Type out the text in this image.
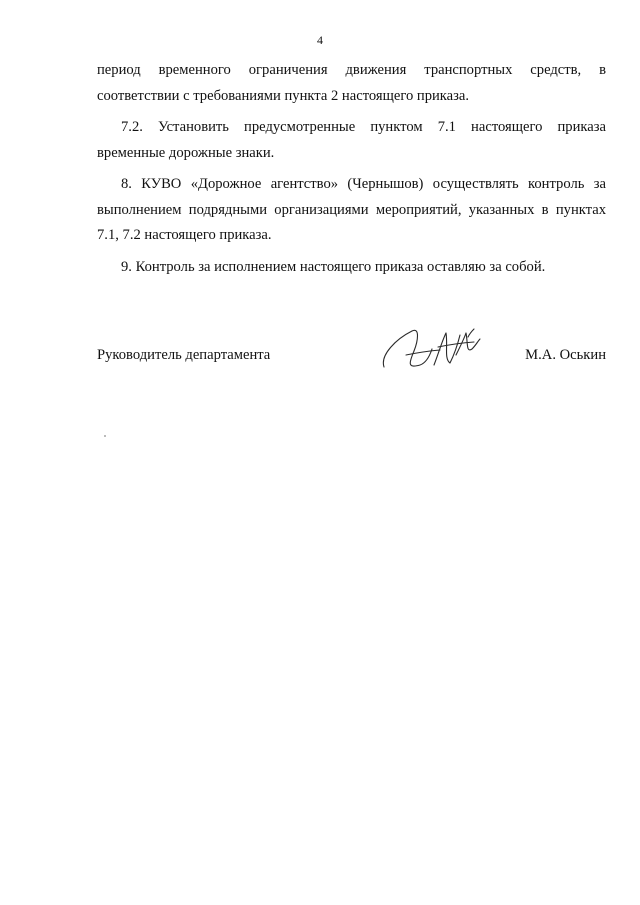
4

период временного ограничения движения транспортных средств, в соответствии с требованиями пункта 2 настоящего приказа.

7.2. Установить предусмотренные пунктом 7.1 настоящего приказа временные дорожные знаки.

8. КУВО «Дорожное агентство» (Чернышов) осуществлять контроль за выполнением подрядными организациями мероприятий, указанных в пунктах 7.1, 7.2 настоящего приказа.

9. Контроль за исполнением настоящего приказа оставляю за собой.

Руководитель департамента	М.А. Оськин
